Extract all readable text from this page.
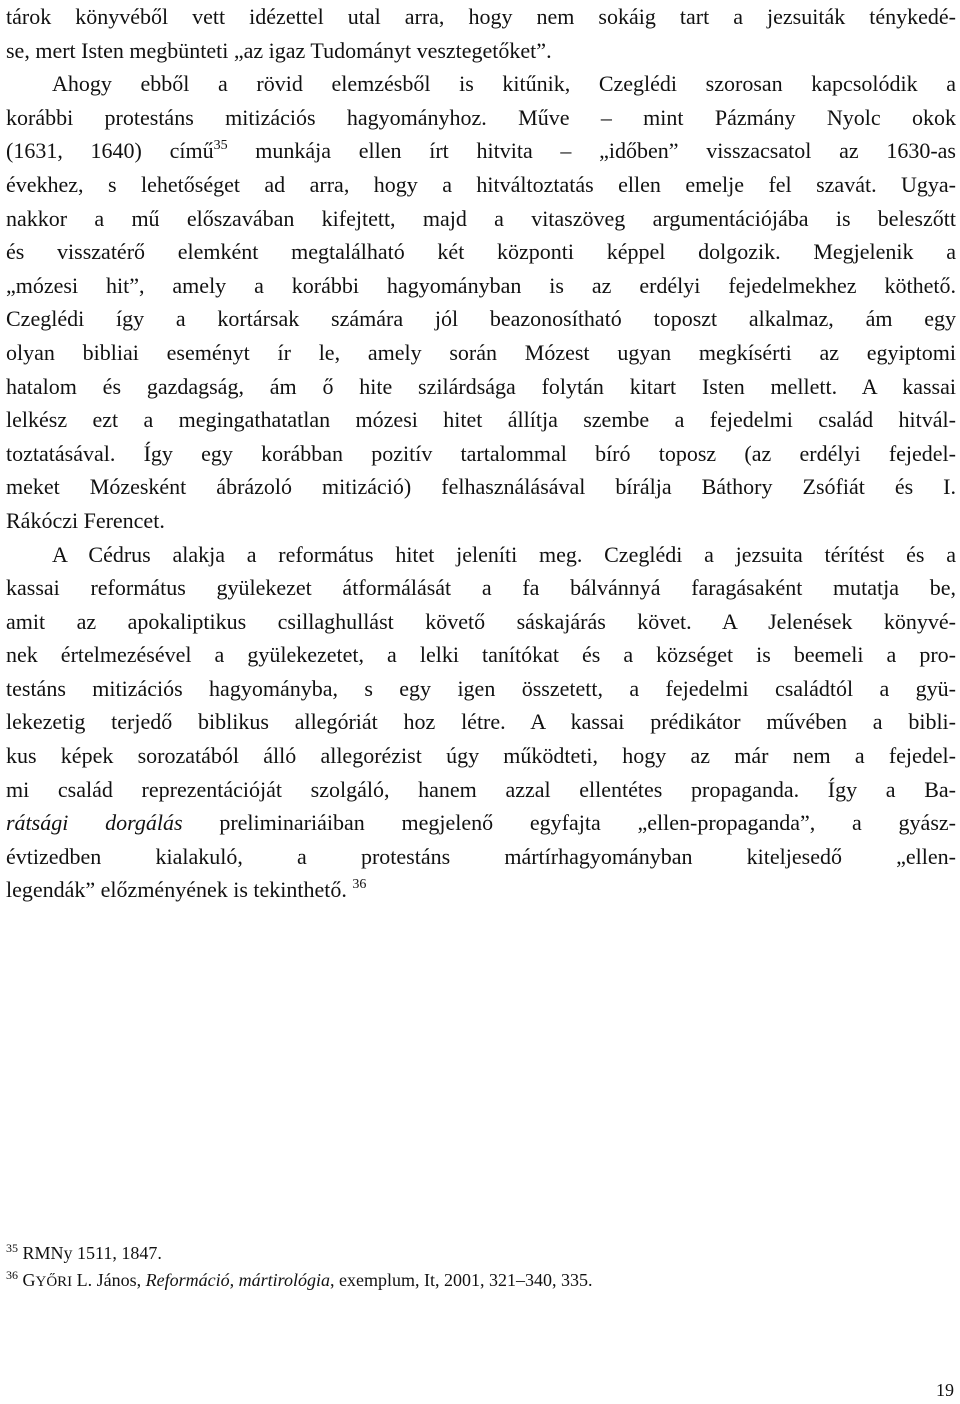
tárok könyvéből vett idézettel utal arra, hogy nem sokáig tart a jezsuiták ténykedé-
se, mert Isten megbünteti „az igaz Tudományt vesztegetőket”.
Ahogy ebből a rövid elemzésből is kitűnik, Czeglédi szorosan kapcsolódik a
korábbi protestáns mitizációs hagyományhoz. Műve – mint Pázmány Nyolc okok
(1631, 1640) című$^{35}$ munkája ellen írt hitvita – „időben” visszacsatol az 1630-as
évekhez, s lehetőséget ad arra, hogy a hitváltoztatás ellen emelje fel szavát. Ugya-
nakkor a mű előszavában kifejtett, majd a vitaszöveg argumentációjába is beleszőtt
és visszatérő elemként megtalálható két központi képpel dolgozik. Megjelenik a
„mózesi hit”, amely a korábbi hagyományban is az erdélyi fejedelmekhez köthető.
Czeglédi így a kortársak számára jól beazonosítható toposzt alkalmaz, ám egy
olyan bibliai eseményt ír le, amely során Mózest ugyan megkísérti az egyiptomi
hatalom és gazdagság, ám ő hite szilárdsága folytán kitart Isten mellett. A kassai
lelkész ezt a megingathatatlan mózesi hitet állítja szembe a fejedelmi család hitvál-
toztatásával. Így egy korábban pozitív tartalommal bíró toposz (az erdélyi fejedel-
meket Mózesként ábrázoló mitizáció) felhasználásával bírálja Báthory Zsófiát és I.
Rákóczi Ferencet.
A Cédrus alakja a református hitet jeleníti meg. Czeglédi a jezsuita térítést és a
kassai református gyülekezet átformálását a fa bálvánnyá faragásaként mutatja be,
amit az apokaliptikus csillaghullást követő sáskajárás követ. A Jelenések könyvé-
nek értelmezésével a gyülekezetet, a lelki tanítókat és a községet is beemeli a pro-
testáns mitizációs hagyományba, s egy igen összetett, a fejedelmi családtól a gyü-
lekezetig terjedő biblikus allegóriát hoz létre. A kassai prédikátor művében a bibli-
kus képek sorozatából álló allegorézist úgy működteti, hogy az már nem a fejedel-
mi család reprezentációját szolgáló, hanem azzal ellentétes propaganda. Így a Ba-
rátsági dorgálás preliminariáiban megjelenő egyfajta „ellen-propaganda”, a gyász-
évtizedben kialakuló, a protestáns mártírhagyományban kiteljesedő „ellen-
legendák” előzményének is tekinthető. $^{36}$
$^{35}$ RMNy 1511, 1847.
$^{36}$ GYŐRI L. János, Reformáció, mártirológia, exemplum, It, 2001, 321–340, 335.
19
